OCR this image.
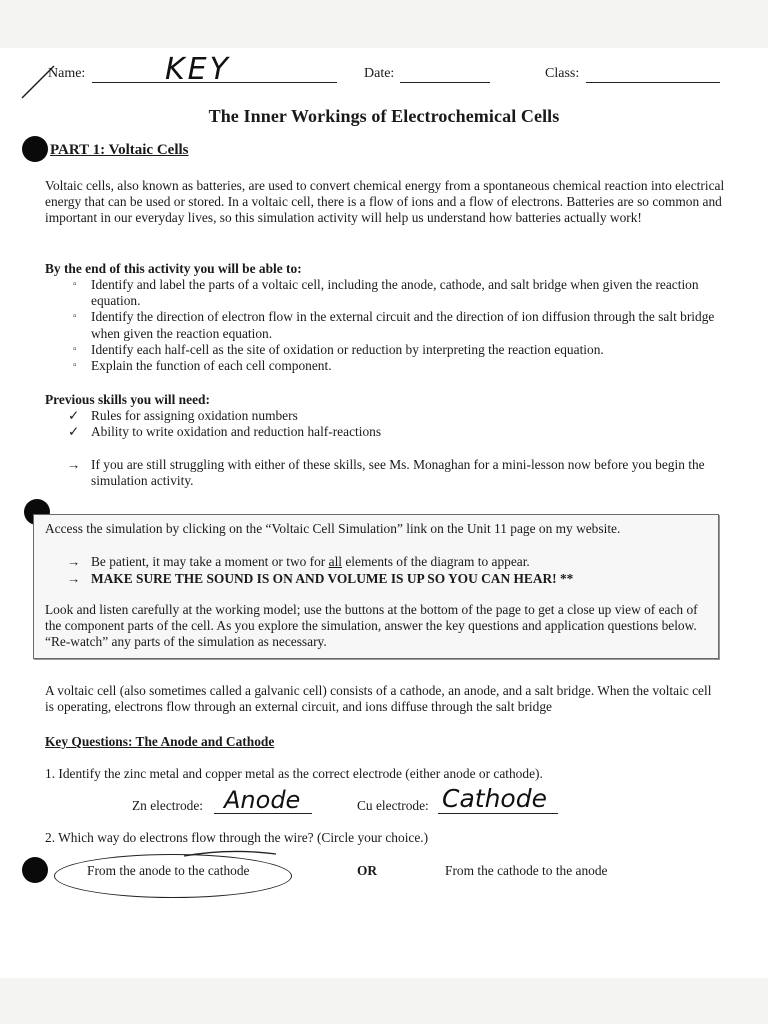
Name:	KEY	Date:	Class:
The Inner Workings of Electrochemical Cells
PART 1: Voltaic Cells
Voltaic cells, also known as batteries, are used to convert chemical energy from a spontaneous chemical reaction into electrical energy that can be used or stored. In a voltaic cell, there is a flow of ions and a flow of electrons. Batteries are so common and important in our everyday lives, so this simulation activity will help us understand how batteries actually work!
By the end of this activity you will be able to:
▫ Identify and label the parts of a voltaic cell, including the anode, cathode, and salt bridge when given the reaction equation.
▫ Identify the direction of electron flow in the external circuit and the direction of ion diffusion through the salt bridge when given the reaction equation.
▫ Identify each half-cell as the site of oxidation or reduction by interpreting the reaction equation.
▫ Explain the function of each cell component.
Previous skills you will need:
✓ Rules for assigning oxidation numbers
✓ Ability to write oxidation and reduction half-reactions
→ If you are still struggling with either of these skills, see Ms. Monaghan for a mini-lesson now before you begin the simulation activity.
Access the simulation by clicking on the “Voltaic Cell Simulation” link on the Unit 11 page on my website.
→ Be patient, it may take a moment or two for all elements of the diagram to appear.
→ MAKE SURE THE SOUND IS ON AND VOLUME IS UP SO YOU CAN HEAR! **
Look and listen carefully at the working model; use the buttons at the bottom of the page to get a close up view of each of the component parts of the cell. As you explore the simulation, answer the key questions and application questions below. “Re-watch” any parts of the simulation as necessary.
A voltaic cell (also sometimes called a galvanic cell) consists of a cathode, an anode, and a salt bridge. When the voltaic cell is operating, electrons flow through an external circuit, and ions diffuse through the salt bridge
Key Questions: The Anode and Cathode
1. Identify the zinc metal and copper metal as the correct electrode (either anode or cathode).
Zn electrode: Anode	Cu electrode: Cathode
2. Which way do electrons flow through the wire? (Circle your choice.)
From the anode to the cathode	OR	From the cathode to the anode
